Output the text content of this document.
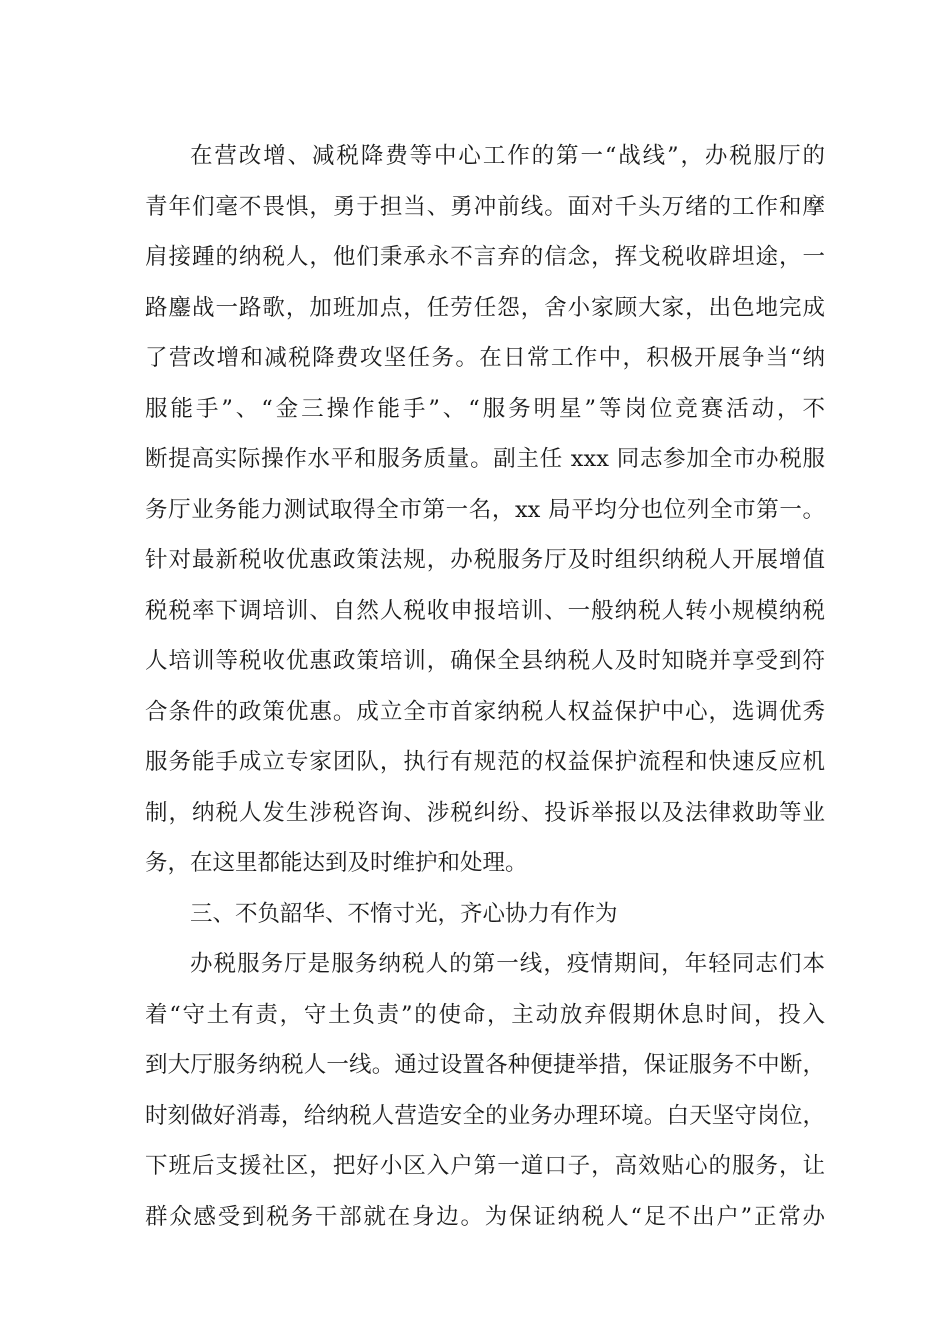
在营改增、减税降费等中心工作的第一“战线”，办税服厅的
青年们毫不畏惧，勇于担当、勇冲前线。面对千头万绪的工作和摩
肩接踵的纳税人，他们秉承永不言弃的信念，挥戈税收辟坦途，一
路鏖战一路歌，加班加点，任劳任怨，舍小家顾大家，出色地完成
了营改增和减税降费攻坚任务。在日常工作中，积极开展争当“纳
服能手”、“金三操作能手”、“服务明星”等岗位竞赛活动，不
断提高实际操作水平和服务质量。副主任 xxx 同志参加全市办税服
务厅业务能力测试取得全市第一名，xx 局平均分也位列全市第一。
针对最新税收优惠政策法规，办税服务厅及时组织纳税人开展增值
税税率下调培训、自然人税收申报培训、一般纳税人转小规模纳税
人培训等税收优惠政策培训，确保全县纳税人及时知晓并享受到符
合条件的政策优惠。成立全市首家纳税人权益保护中心，选调优秀
服务能手成立专家团队，执行有规范的权益保护流程和快速反应机
制，纳税人发生涉税咨询、涉税纠纷、投诉举报以及法律救助等业
务，在这里都能达到及时维护和处理。
三、不负韶华、不惰寸光，齐心协力有作为
办税服务厅是服务纳税人的第一线，疫情期间，年轻同志们本
着“守土有责，守土负责”的使命，主动放弃假期休息时间，投入
到大厅服务纳税人一线。通过设置各种便捷举措，保证服务不中断，
时刻做好消毒，给纳税人营造安全的业务办理环境。白天坚守岗位，
下班后支援社区，把好小区入户第一道口子，高效贴心的服务，让
群众感受到税务干部就在身边。为保证纳税人“足不出户”正常办
